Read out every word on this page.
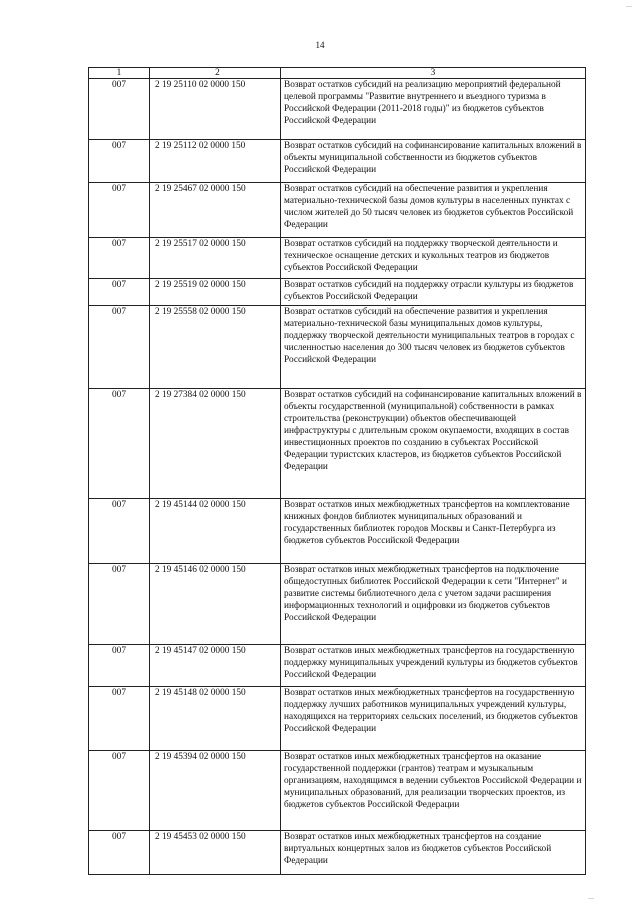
...
14
1	2	3
007	2 19 25110 02 0000 150	Возврат остатков субсидий на реализацию мероприятий федеральной целевой программы "Развитие внутреннего и въездного туризма в Российской Федерации (2011-2018 годы)" из бюджетов субъектов Российской Федерации
007	2 19 25112 02 0000 150	Возврат остатков субсидий на софинансирование капитальных вложений в объекты муниципальной собственности из бюджетов субъектов Российской Федерации
007	2 19 25467 02 0000 150	Возврат остатков субсидий на обеспечение развития и укрепления материально-технической базы домов культуры в населенных пунктах с числом жителей до 50 тысяч человек из бюджетов субъектов Российской Федерации
007	2 19 25517 02 0000 150	Возврат остатков субсидий на поддержку творческой деятельности и техническое оснащение детских и кукольных театров из бюджетов субъектов Российской Федерации
007	2 19 25519 02 0000 150	Возврат остатков субсидий на поддержку отрасли культуры из бюджетов субъектов Российской Федерации
007	2 19 25558 02 0000 150	Возврат остатков субсидий на обеспечение развития и укрепления материально-технической базы муниципальных домов культуры, поддержку творческой деятельности муниципальных театров в городах с численностью населения до 300 тысяч человек из бюджетов субъектов Российской Федерации
007	2 19 27384 02 0000 150	Возврат остатков субсидий на софинансирование капитальных вложений в объекты государственной (муниципальной) собственности в рамках строительства (реконструкции) объектов обеспечивающей инфраструктуры с длительным сроком окупаемости, входящих в состав инвестиционных проектов по созданию в субъектах Российской Федерации туристских кластеров, из бюджетов субъектов Российской Федерации
007	2 19 45144 02 0000 150	Возврат остатков иных межбюджетных трансфертов на комплектование книжных фондов библиотек муниципальных образований и государственных библиотек городов Москвы и Санкт-Петербурга из бюджетов субъектов Российской Федерации
007	2 19 45146 02 0000 150	Возврат остатков иных межбюджетных трансфертов на подключение общедоступных библиотек Российской Федерации к сети "Интернет" и развитие системы библиотечного дела с учетом задачи расширения информационных технологий и оцифровки из бюджетов субъектов Российской Федерации
007	2 19 45147 02 0000 150	Возврат остатков иных межбюджетных трансфертов на государственную поддержку муниципальных учреждений культуры из бюджетов субъектов Российской Федерации
007	2 19 45148 02 0000 150	Возврат остатков иных межбюджетных трансфертов на государственную поддержку лучших работников муниципальных учреждений культуры, находящихся на территориях сельских поселений, из бюджетов субъектов Российской Федерации
007	2 19 45394 02 0000 150	Возврат остатков иных межбюджетных трансфертов на оказание государственной поддержки (грантов) театрам и музыкальным организациям, находящимся в ведении субъектов Российской Федерации и муниципальных образований, для реализации творческих проектов, из бюджетов субъектов Российской Федерации
007	2 19 45453 02 0000 150	Возврат остатков иных межбюджетных трансфертов на создание виртуальных концертных залов из бюджетов субъектов Российской Федерации
...
